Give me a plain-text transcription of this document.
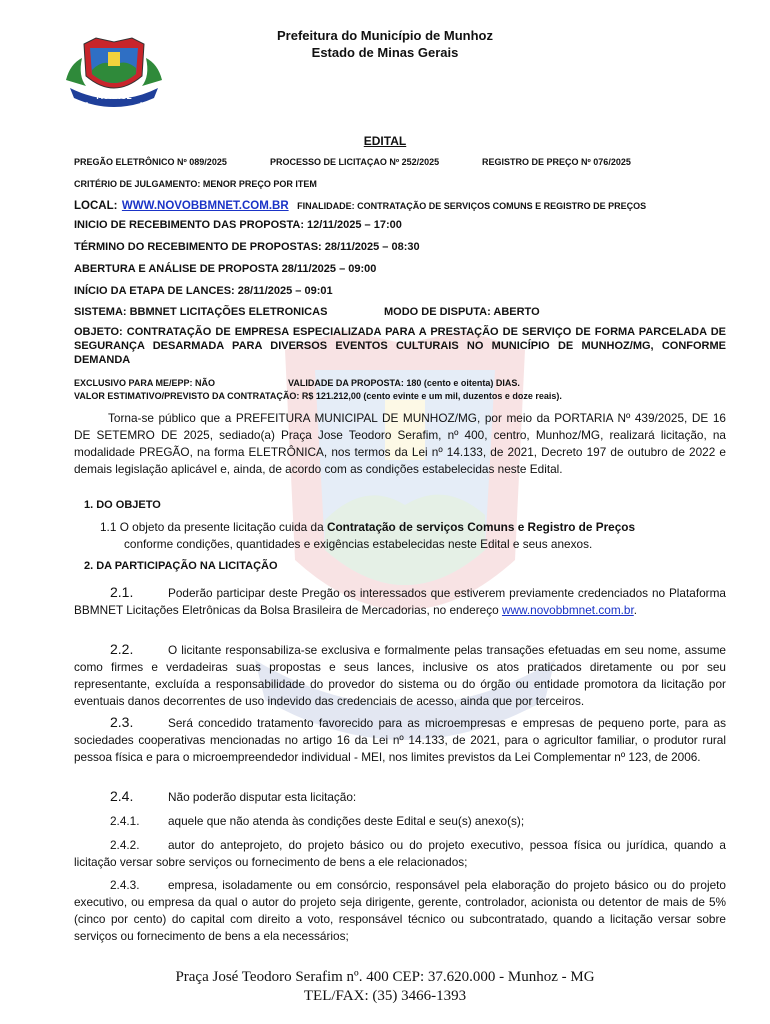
MUNHOZ
1938	1953
Prefeitura do Município de Munhoz
Estado de Minas Gerais
EDITAL
PREGÃO ELETRÔNICO Nº 089/2025	PROCESSO DE LICITAÇAO Nº 252/2025	REGISTRO DE PREÇO Nº 076/2025
CRITÉRIO DE JULGAMENTO: MENOR PREÇO POR ITEM
LOCAL: WWW.NOVOBBMNET.COM.BR FINALIDADE: CONTRATAÇÃO DE SERVIÇOS COMUNS E REGISTRO DE PREÇOS
INICIO DE RECEBIMENTO DAS PROPOSTA: 12/11/2025 – 17:00
TÉRMINO DO RECEBIMENTO DE PROPOSTAS: 28/11/2025 – 08:30
ABERTURA E ANÁLISE DE PROPOSTA 28/11/2025 – 09:00
INÍCIO DA ETAPA DE LANCES: 28/11/2025 – 09:01
SISTEMA: BBMNET LICITAÇÕES ELETRONICAS	MODO DE DISPUTA: ABERTO
OBJETO: CONTRATAÇÃO DE EMPRESA ESPECIALIZADA PARA A PRESTAÇÃO DE SERVIÇO DE FORMA PARCELADA DE SEGURANÇA DESARMADA PARA DIVERSOS EVENTOS CULTURAIS NO MUNICÍPIO DE MUNHOZ/MG, CONFORME DEMANDA
EXCLUSIVO PARA ME/EPP: NÃO	VALIDADE DA PROPOSTA: 180 (cento e oitenta) DIAS.
VALOR ESTIMATIVO/PREVISTO DA CONTRATAÇÃO: R$ 121.212,00 (cento evinte e um mil, duzentos e doze reais).
Torna-se público que a PREFEITURA MUNICIPAL DE MUNHOZ/MG, por meio da PORTARIA Nº 439/2025, DE 16 DE SETEMRO DE 2025, sediado(a) Praça Jose Teodoro Serafim, nº 400, centro, Munhoz/MG, realizará licitação, na modalidade PREGÃO, na forma ELETRÔNICA, nos termos da Lei nº 14.133, de 2021, Decreto 197 de outubro de 2022 e demais legislação aplicável e, ainda, de acordo com as condições estabelecidas neste Edital.
1. DO OBJETO
1.1 O objeto da presente licitação cuida da Contratação de serviços Comuns e Registro de Preços
conforme condições, quantidades e exigências estabelecidas neste Edital e seus anexos.
2. DA PARTICIPAÇÃO NA LICITAÇÃO
2.1.	Poderão participar deste Pregão os interessados que estiverem previamente credenciados no Plataforma BBMNET Licitações Eletrônicas da Bolsa Brasileira de Mercadorias, no endereço www.novobbmnet.com.br.
2.2.	O licitante responsabiliza-se exclusiva e formalmente pelas transações efetuadas em seu nome, assume como firmes e verdadeiras suas propostas e seus lances, inclusive os atos praticados diretamente ou por seu representante, excluída a responsabilidade do provedor do sistema ou do órgão ou entidade promotora da licitação por eventuais danos decorrentes de uso indevido das credenciais de acesso, ainda que por terceiros.
2.3.	Será concedido tratamento favorecido para as microempresas e empresas de pequeno porte, para as sociedades cooperativas mencionadas no artigo 16 da Lei nº 14.133, de 2021, para o agricultor familiar, o produtor rural pessoa física e para o microempreendedor individual - MEI, nos limites previstos da Lei Complementar nº 123, de 2006.
2.4.	Não poderão disputar esta licitação:
2.4.1. aquele que não atenda às condições deste Edital e seu(s) anexo(s);
2.4.2. autor do anteprojeto, do projeto básico ou do projeto executivo, pessoa física ou jurídica, quando a licitação versar sobre serviços ou fornecimento de bens a ele relacionados;
2.4.3. empresa, isoladamente ou em consórcio, responsável pela elaboração do projeto básico ou do projeto executivo, ou empresa da qual o autor do projeto seja dirigente, gerente, controlador, acionista ou detentor de mais de 5% (cinco por cento) do capital com direito a voto, responsável técnico ou subcontratado, quando a licitação versar sobre serviços ou fornecimento de bens a ela necessários;
Praça José Teodoro Serafim nº. 400 CEP: 37.620.000 - Munhoz - MG
TEL/FAX: (35) 3466-1393
